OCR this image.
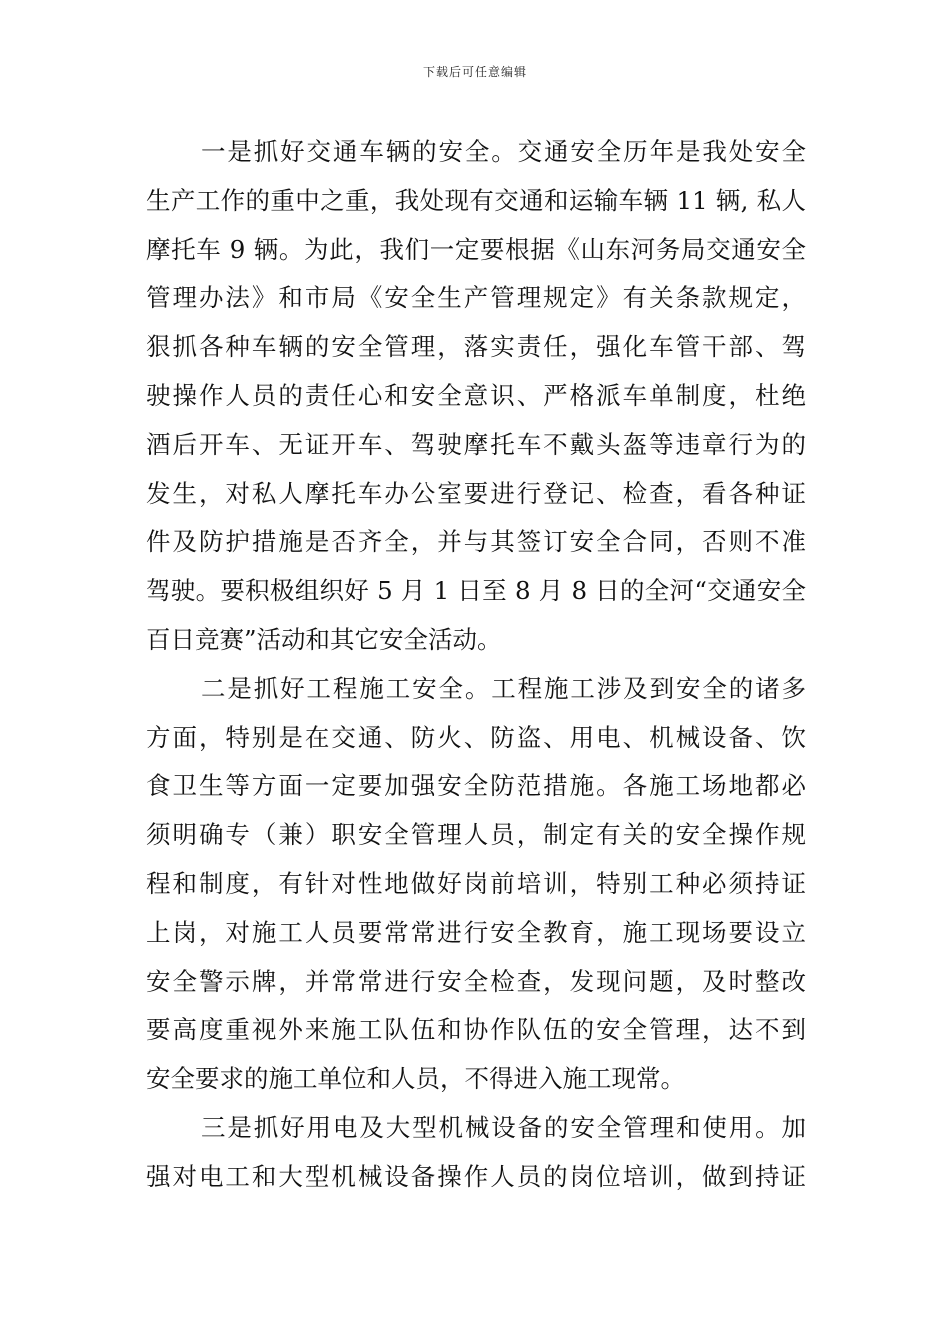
下载后可任意编辑
一是抓好交通车辆的安全。交通安全历年是我处安全
生产工作的重中之重，我处现有交通和运输车辆 11 辆, 私人
摩托车 9 辆。为此，我们一定要根据《山东河务局交通安全
管理办法》和市局《安全生产管理规定》有关条款规定，
狠抓各种车辆的安全管理，落实责任，强化车管干部、驾
驶操作人员的责任心和安全意识、严格派车单制度，杜绝
酒后开车、无证开车、驾驶摩托车不戴头盔等违章行为的
发生，对私人摩托车办公室要进行登记、检查，看各种证
件及防护措施是否齐全，并与其签订安全合同，否则不准
驾驶。要积极组织好 5 月 1 日至 8 月 8 日的全河“交通安全
百日竞赛”活动和其它安全活动。
二是抓好工程施工安全。工程施工涉及到安全的诸多
方面，特别是在交通、防火、防盗、用电、机械设备、饮
食卫生等方面一定要加强安全防范措施。各施工场地都必
须明确专（兼）职安全管理人员，制定有关的安全操作规
程和制度，有针对性地做好岗前培训，特别工种必须持证
上岗，对施工人员要常常进行安全教育，施工现场要设立
安全警示牌，并常常进行安全检查，发现问题，及时整改
要高度重视外来施工队伍和协作队伍的安全管理，达不到
安全要求的施工单位和人员，不得进入施工现常。
三是抓好用电及大型机械设备的安全管理和使用。加
强对电工和大型机械设备操作人员的岗位培训，做到持证
